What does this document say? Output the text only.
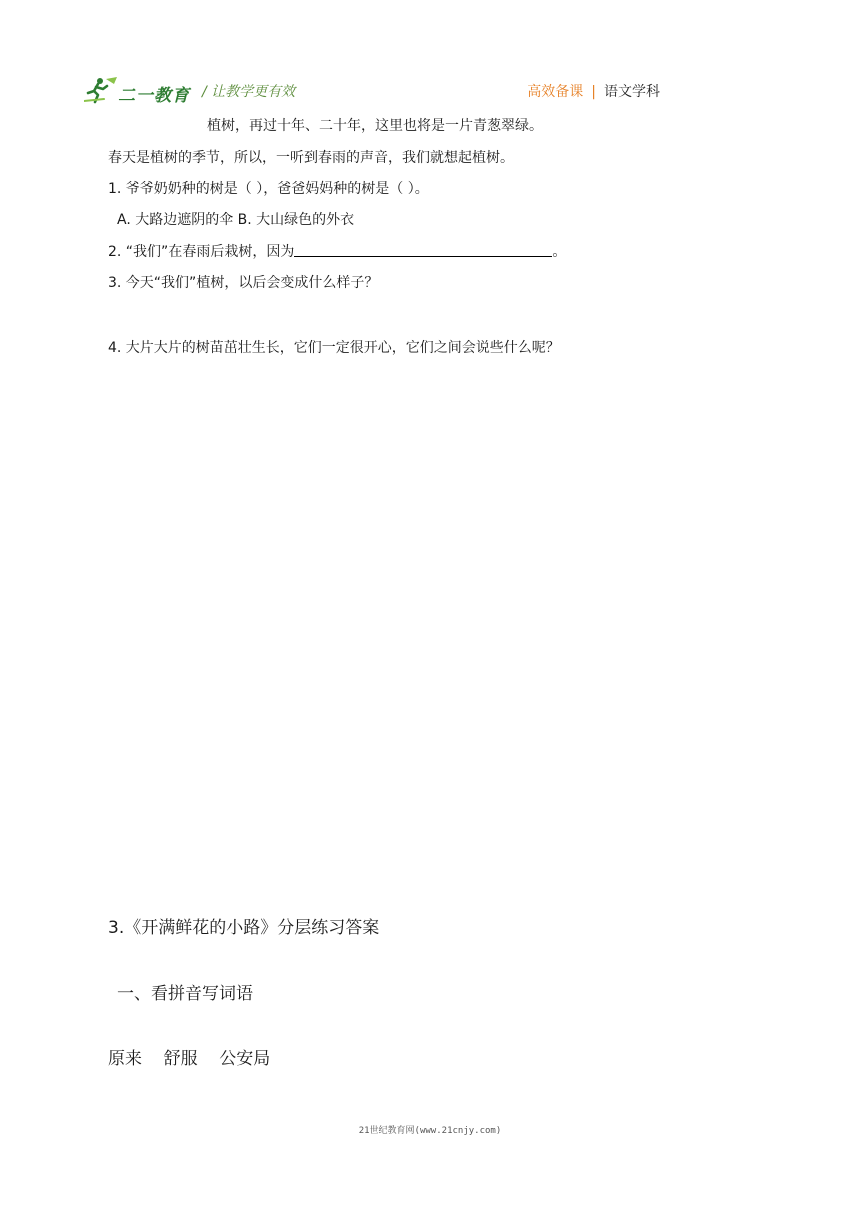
二一教育 / 让教学更有效	高效备课 | 语文学科
植树，再过十年、二十年，这里也将是一片青葱翠绿。
春天是植树的季节，所以，一听到春雨的声音，我们就想起植树。
1. 爷爷奶奶种的树是（ ），爸爸妈妈种的树是（ ）。
A. 大路边遮阴的伞 B. 大山绿色的外衣
2. “我们”在春雨后栽树，因为	。
3. 今天“我们”植树，以后会变成什么样子？
4. 大片大片的树苗茁壮生长，它们一定很开心，它们之间会说些什么呢？
3.《开满鲜花的小路》分层练习答案
一、看拼音写词语
原来    舒服    公安局
21世纪教育网(www.21cnjy.com)
